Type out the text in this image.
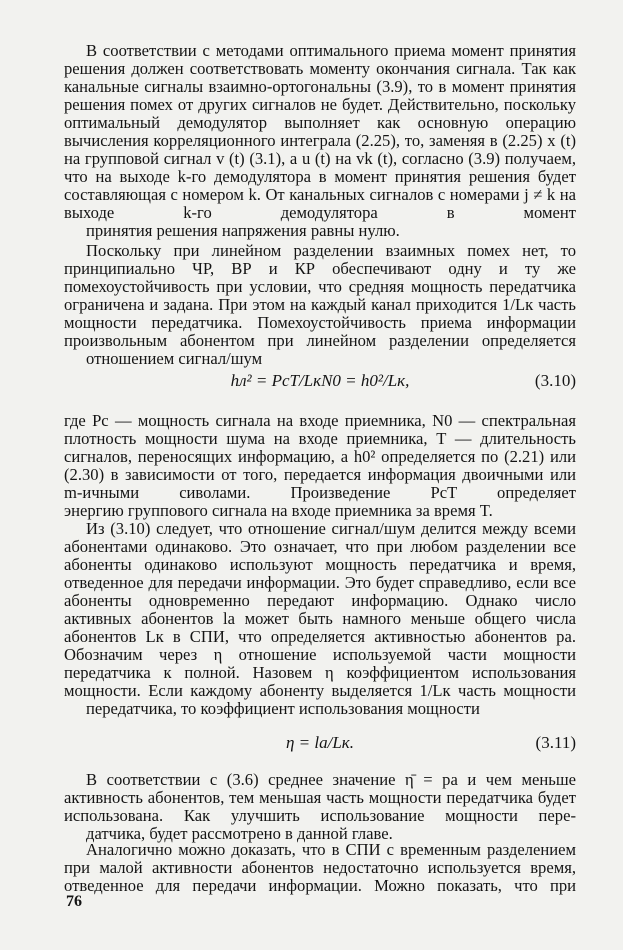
В соответствии с методами оптимального приема момент принятия решения должен соответствовать моменту окончания сигнала. Так как канальные сигналы взаимно-ортогональны (3.9), то в момент принятия решения помех от других сигналов не будет. Действительно, поскольку оптимальный демодулятор выполняет как основную операцию вычисления корреляционного интеграла (2.25), то, заменяя в (2.25) x (t) на групповой сигнал v (t) (3.1), а u (t) на vk (t), согласно (3.9) получаем, что на выходе k-го демодулятора в момент принятия решения будет составляющая с номером k. От канальных сигналов с номерами j ≠ k на выходе k-го демодулятора в момент
принятия решения напряжения равны нулю.

Поскольку при линейном разделении взаимных помех нет, то принципиально ЧР, ВР и КР обеспечивают одну и ту же помехоустойчивость при условии, что средняя мощность передатчика ограничена и задана. При этом на каждый канал приходится 1/Lк часть мощности передатчика. Помехоустойчивость приема информации произвольным абонентом при линейном разделении определяется
отношением сигнал/шум

hл² = PcT/LкN0 = h0²/Lк,	(3.10)

где Pc — мощность сигнала на входе приемника, N0 — спектральная плотность мощности шума на входе приемника, T — длительность сигналов, переносящих информацию, а h0² определяется по (2.21) или (2.30) в зависимости от того, передается информация двоичными или m-ичными сиволами. Произведение PcT определяет
энергию группового сигнала на входе приемника за время T.

Из (3.10) следует, что отношение сигнал/шум делится между всеми абонентами одинаково. Это означает, что при любом разделении все абоненты одинаково используют мощность передатчика и время, отведенное для передачи информации. Это будет справедливо, если все абоненты одновременно передают информацию. Однако число активных абонентов la может быть намного меньше общего числа абонентов Lк в СПИ, что определяется активностью абонентов pa. Обозначим через η отношение используемой части мощности передатчика к полной. Назовем η коэффициентом использования мощности. Если каждому абоненту выделяется 1/Lк часть мощности
передатчика, то коэффициент использования мощности

η = la/Lк.	(3.11)

В соответствии с (3.6) среднее значение η̄ = pa и чем меньше активность абонентов, тем меньшая часть мощности передатчика будет использована. Как улучшить использование мощности пере-
датчика, будет рассмотрено в данной главе.

Аналогично можно доказать, что в СПИ с временным разделением при малой активности абонентов недостаточно используется время, отведенное для передачи информации. Можно показать, что при

76
